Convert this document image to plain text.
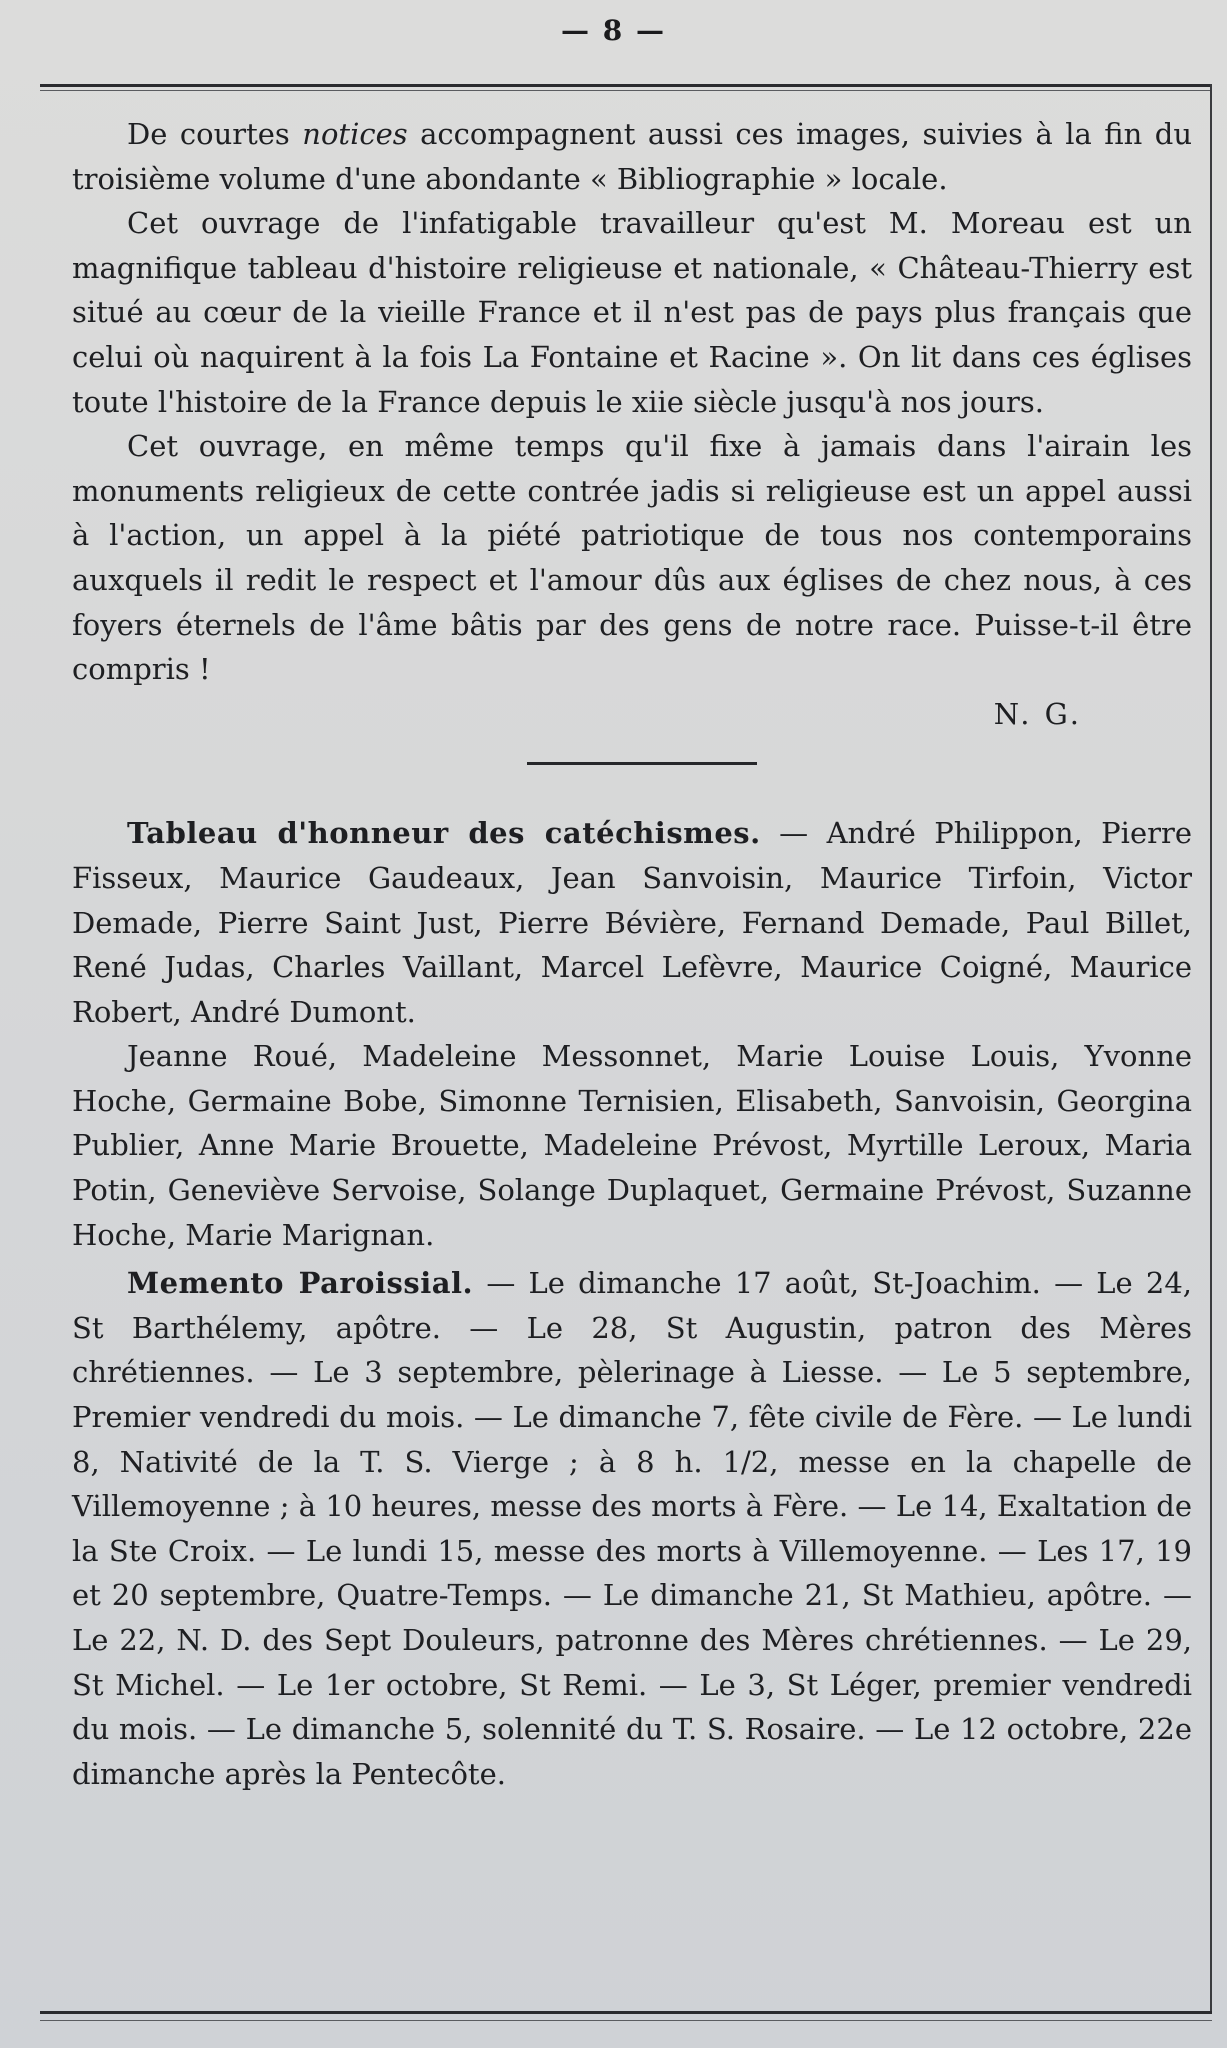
— 8 —

De courtes notices accompagnent aussi ces images, suivies à la fin du troisième volume d'une abondante « Bibliographie » locale.

Cet ouvrage de l'infatigable travailleur qu'est M. Moreau est un magnifique tableau d'histoire religieuse et nationale, « Château-Thierry est situé au cœur de la vieille France et il n'est pas de pays plus français que celui où naquirent à la fois La Fontaine et Racine ». On lit dans ces églises toute l'histoire de la France depuis le xiie siècle jusqu'à nos jours.

Cet ouvrage, en même temps qu'il fixe à jamais dans l'airain les monuments religieux de cette contrée jadis si religieuse est un appel aussi à l'action, un appel à la piété patriotique de tous nos contemporains auxquels il redit le respect et l'amour dûs aux églises de chez nous, à ces foyers éternels de l'âme bâtis par des gens de notre race. Puisse-t-il être compris !

N. G.

Tableau d'honneur des catéchismes. — André Philippon, Pierre Fisseux, Maurice Gaudeaux, Jean Sanvoisin, Maurice Tirfoin, Victor Demade, Pierre Saint Just, Pierre Bévière, Fernand Demade, Paul Billet, René Judas, Charles Vaillant, Marcel Lefèvre, Maurice Coigné, Maurice Robert, André Dumont.

Jeanne Roué, Madeleine Messonnet, Marie Louise Louis, Yvonne Hoche, Germaine Bobe, Simonne Ternisien, Elisabeth, Sanvoisin, Georgina Publier, Anne Marie Brouette, Madeleine Prévost, Myrtille Leroux, Maria Potin, Geneviève Servoise, Solange Duplaquet, Germaine Prévost, Suzanne Hoche, Marie Marignan.

Memento Paroissial. — Le dimanche 17 août, St-Joachim. — Le 24, St Barthélemy, apôtre. — Le 28, St Augustin, patron des Mères chrétiennes. — Le 3 septembre, pèlerinage à Liesse. — Le 5 septembre, Premier vendredi du mois. — Le dimanche 7, fête civile de Fère. — Le lundi 8, Nativité de la T. S. Vierge ; à 8 h. 1/2, messe en la chapelle de Villemoyenne ; à 10 heures, messe des morts à Fère. — Le 14, Exaltation de la Ste Croix. — Le lundi 15, messe des morts à Villemoyenne. — Les 17, 19 et 20 septembre, Quatre-Temps. — Le dimanche 21, St Mathieu, apôtre. — Le 22, N. D. des Sept Douleurs, patronne des Mères chrétiennes. — Le 29, St Michel. — Le 1er octobre, St Remi. — Le 3, St Léger, premier vendredi du mois. — Le dimanche 5, solennité du T. S. Rosaire. — Le 12 octobre, 22e dimanche après la Pentecôte.
